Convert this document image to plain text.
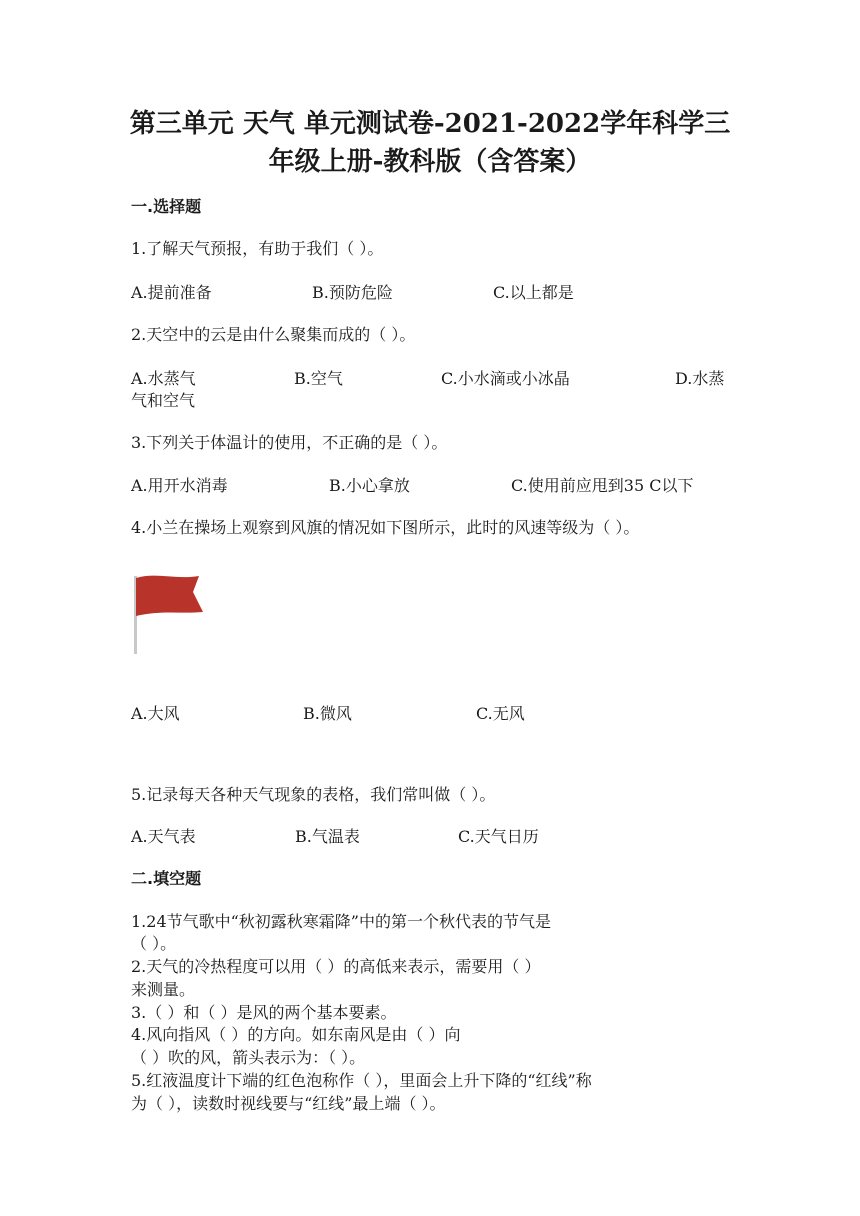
第三单元 天气 单元测试卷-2021-2022学年科学三
年级上册-教科版（含答案）
一.选择题
1.了解天气预报，有助于我们（ ）。
A.提前准备	B.预防危险	C.以上都是
2.天空中的云是由什么聚集而成的（ ）。
A.水蒸气	B.空气	C.小水滴或小冰晶	D.水蒸
气和空气
3.下列关于体温计的使用，不正确的是（ ）。
A.用开水消毒	B.小心拿放	C.使用前应甩到35 C以下
4.小兰在操场上观察到风旗的情况如下图所示，此时的风速等级为（ ）。
A.大风	B.微风	C.无风
5.记录每天各种天气现象的表格，我们常叫做（ ）。
A.天气表	B.气温表	C.天气日历
二.填空题
1.24节气歌中“秋初露秋寒霜降”中的第一个秋代表的节气是
（ ）。
2.天气的冷热程度可以用（ ）的高低来表示，需要用（ ）
来测量。
3.（ ）和（ ）是风的两个基本要素。
4.风向指风（ ）的方向。如东南风是由（ ）向
（ ）吹的风，箭头表示为：（ ）。
5.红液温度计下端的红色泡称作（ ），里面会上升下降的“红线”称
为（ ），读数时视线要与“红线”最上端（ ）。
